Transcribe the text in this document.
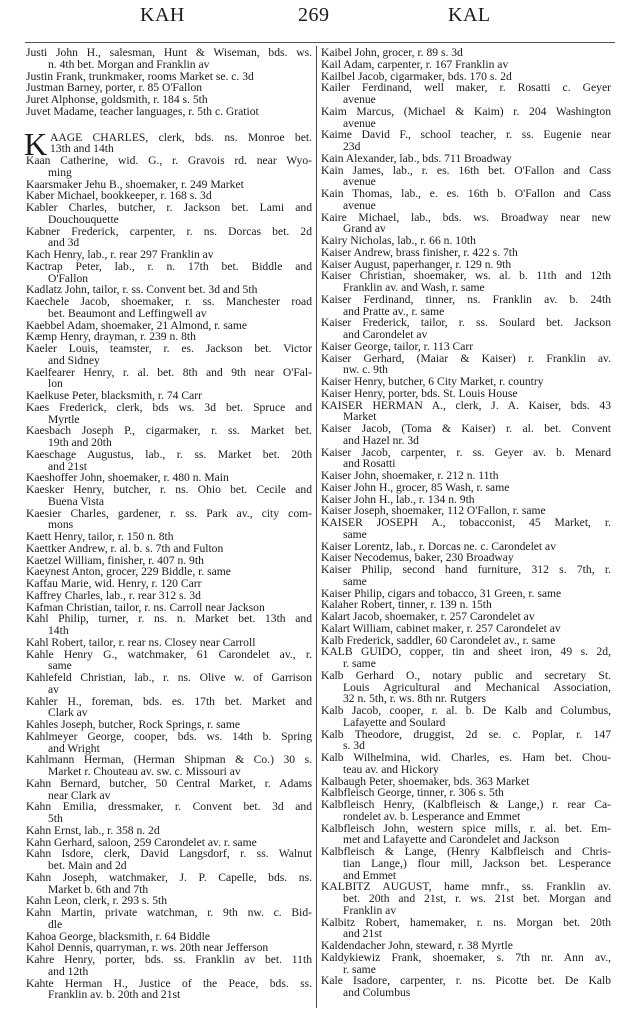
KAH	269	KAL
Justi John H., salesman, Hunt & Wiseman, bds. ws.
n. 4th bet. Morgan and Franklin av
Justin Frank, trunkmaker, rooms Market se. c. 3d
Justman Barney, porter, r. 85 O'Fallon
Juret Alphonse, goldsmith, r. 184 s. 5th
Juvet Madame, teacher languages, r. 5th c. Gratiot
K AAGE CHARLES, clerk, bds. ns. Monroe bet.
13th and 14th
Kaan Catherine, wid. G., r. Gravois rd. near Wyo-
ming
Kaarsmaker Jehu B., shoemaker, r. 249 Market
Kaber Michael, bookkeeper, r. 168 s. 3d
Kabler Charles, butcher, r. Jackson bet. Lami and
Douchouquette
Kabner Frederick, carpenter, r. ns. Dorcas bet. 2d
and 3d
Kach Henry, lab., r. rear 297 Franklin av
Kactrap Peter, lab., r. n. 17th bet. Biddle and
O'Fallon
Kadlatz John, tailor, r. ss. Convent bet. 3d and 5th
Kaechele Jacob, shoemaker, r. ss. Manchester road
bet. Beaumont and Leffingwell av
Kaebbel Adam, shoemaker, 21 Almond, r. same
Kæmp Henry, drayman, r. 239 n. 8th
Kaeler Louis, teamster, r. es. Jackson bet. Victor
and Sidney
Kaelfearer Henry, r. al. bet. 8th and 9th near O'Fal-
lon
Kaelkuse Peter, blacksmith, r. 74 Carr
Kaes Frederick, clerk, bds ws. 3d bet. Spruce and
Myrtle
Kaesbach Joseph P., cigarmaker, r. ss. Market bet.
19th and 20th
Kaeschage Augustus, lab., r. ss. Market bet. 20th
and 21st
Kaeshoffer John, shoemaker, r. 480 n. Main
Kaesker Henry, butcher, r. ns. Ohio bet. Cecile and
Buena Vista
Kaesier Charles, gardener, r. ss. Park av., city com-
mons
Kaett Henry, tailor, r. 150 n. 8th
Kaettker Andrew, r. al. b. s. 7th and Fulton
Kaetzel William, finisher, r. 407 n. 9th
Kaeynest Anton, grocer, 229 Biddle, r. same
Kaffau Marie, wid. Henry, r. 120 Carr
Kaffrey Charles, lab., r. rear 312 s. 3d
Kafman Christian, tailor, r. ns. Carroll near Jackson
Kahl Philip, turner, r. ns. n. Market bet. 13th and
14th
Kahl Robert, tailor, r. rear ns. Closey near Carroll
Kahle Henry G., watchmaker, 61 Carondelet av., r.
same
Kahlefeld Christian, lab., r. ns. Olive w. of Garrison
av
Kahler H., foreman, bds. es. 17th bet. Market and
Clark av
Kahles Joseph, butcher, Rock Springs, r. same
Kahlmeyer George, cooper, bds. ws. 14th b. Spring
and Wright
Kahlmann Herman, (Herman Shipman & Co.) 30 s.
Market r. Chouteau av. sw. c. Missouri av
Kahn Bernard, butcher, 50 Central Market, r. Adams
near Clark av
Kahn Emilia, dressmaker, r. Convent bet. 3d and
5th
Kahn Ernst, lab., r. 358 n. 2d
Kahn Gerhard, saloon, 259 Carondelet av. r. same
Kahn Isdore, clerk, David Langsdorf, r. ss. Walnut
bet. Main and 2d
Kahn Joseph, watchmaker, J. P. Capelle, bds. ns.
Market b. 6th and 7th
Kahn Leon, clerk, r. 293 s. 5th
Kahn Martin, private watchman, r. 9th nw. c. Bid-
dle
Kahoa George, blacksmith, r. 64 Biddle
Kahol Dennis, quarryman, r. ws. 20th near Jefferson
Kahre Henry, porter, bds. ss. Franklin av bet. 11th
and 12th
Kahte Herman H., Justice of the Peace, bds. ss.
Franklin av. b. 20th and 21st
Kaibel John, grocer, r. 89 s. 3d
Kail Adam, carpenter, r. 167 Franklin av
Kailbel Jacob, cigarmaker, bds. 170 s. 2d
Kailer Ferdinand, well maker, r. Rosatti c. Geyer
avenue
Kaim Marcus, (Michael & Kaim) r. 204 Washington
avenue
Kaime David F., school teacher, r. ss. Eugenie near
23d
Kain Alexander, lab., bds. 711 Broadway
Kain James, lab., r. es. 16th bet. O'Fallon and Cass
avenue
Kain Thomas, lab., e. es. 16th b. O'Fallon and Cass
avenue
Kaire Michael, lab., bds. ws. Broadway near new
Grand av
Kairy Nicholas, lab., r. 66 n. 10th
Kaiser Andrew, brass finisher, r. 422 s. 7th
Kaiser August, paperhanger, r. 129 n. 9th
Kaiser Christian, shoemaker, ws. al. b. 11th and 12th
Franklin av. and Wash, r. same
Kaiser Ferdinand, tinner, ns. Franklin av. b. 24th
and Pratte av., r. same
Kaiser Frederick, tailor, r. ss. Soulard bet. Jackson
and Carondelet av
Kaiser George, tailor, r. 113 Carr
Kaiser Gerhard, (Maiar & Kaiser) r. Franklin av.
nw. c. 9th
Kaiser Henry, butcher, 6 City Market, r. country
Kaiser Henry, porter, bds. St. Louis House
KAISER HERMAN A., clerk, J. A. Kaiser, bds. 43
Market
Kaiser Jacob, (Toma & Kaiser) r. al. bet. Convent
and Hazel nr. 3d
Kaiser Jacob, carpenter, r. ss. Geyer av. b. Menard
and Rosatti
Kaiser John, shoemaker, r. 212 n. 11th
Kaiser John H., grocer, 85 Wash, r. same
Kaiser John H., lab., r. 134 n. 9th
Kaiser Joseph, shoemaker, 112 O'Fallon, r. same
KAISER JOSEPH A., tobacconist, 45 Market, r.
same
Kaiser Lorentz, lab., r. Dorcas ne. c. Carondelet av
Kaiser Necodemus, baker, 230 Broadway
Kaiser Philip, second hand furniture, 312 s. 7th, r.
same
Kaiser Philip, cigars and tobacco, 31 Green, r. same
Kalaher Robert, tinner, r. 139 n. 15th
Kalart Jacob, shoemaker, r. 257 Carondelet av
Kalart William, cabinet maker, r. 257 Carondelet av
Kalb Frederick, saddler, 60 Carondelet av., r. same
KALB GUIDO, copper, tin and sheet iron, 49 s. 2d,
r. same
Kalb Gerhard O., notary public and secretary St.
Louis Agricultural and Mechanical Association,
32 n. 5th, r. ws. 8th nr. Rutgers
Kalb Jacob, cooper, r. al. b. De Kalb and Columbus,
Lafayette and Soulard
Kalb Theodore, druggist, 2d se. c. Poplar, r. 147
s. 3d
Kalb Wilhelmina, wid. Charles, es. Ham bet. Chou-
teau av. and Hickory
Kalbaugh Peter, shoemaker, bds. 363 Market
Kalbfleisch George, tinner, r. 306 s. 5th
Kalbfleisch Henry, (Kalbfleisch & Lange,) r. rear Ca-
rondelet av. b. Lesperance and Emmet
Kalbfleisch John, western spice mills, r. al. bet. Em-
met and Lafayette and Carondelet and Jackson
Kalbfleisch & Lange, (Henry Kalbfleisch and Chris-
tian Lange,) flour mill, Jackson bet. Lesperance
and Emmet
KALBITZ AUGUST, hame mnfr., ss. Franklin av.
bet. 20th and 21st, r. ws. 21st bet. Morgan and
Franklin av
Kalbitz Robert, hamemaker, r. ns. Morgan bet. 20th
and 21st
Kaldendacher John, steward, r. 38 Myrtle
Kaldykiewiz Frank, shoemaker, s. 7th nr. Ann av.,
r. same
Kale Isadore, carpenter, r. ns. Picotte bet. De Kalb
and Columbus
